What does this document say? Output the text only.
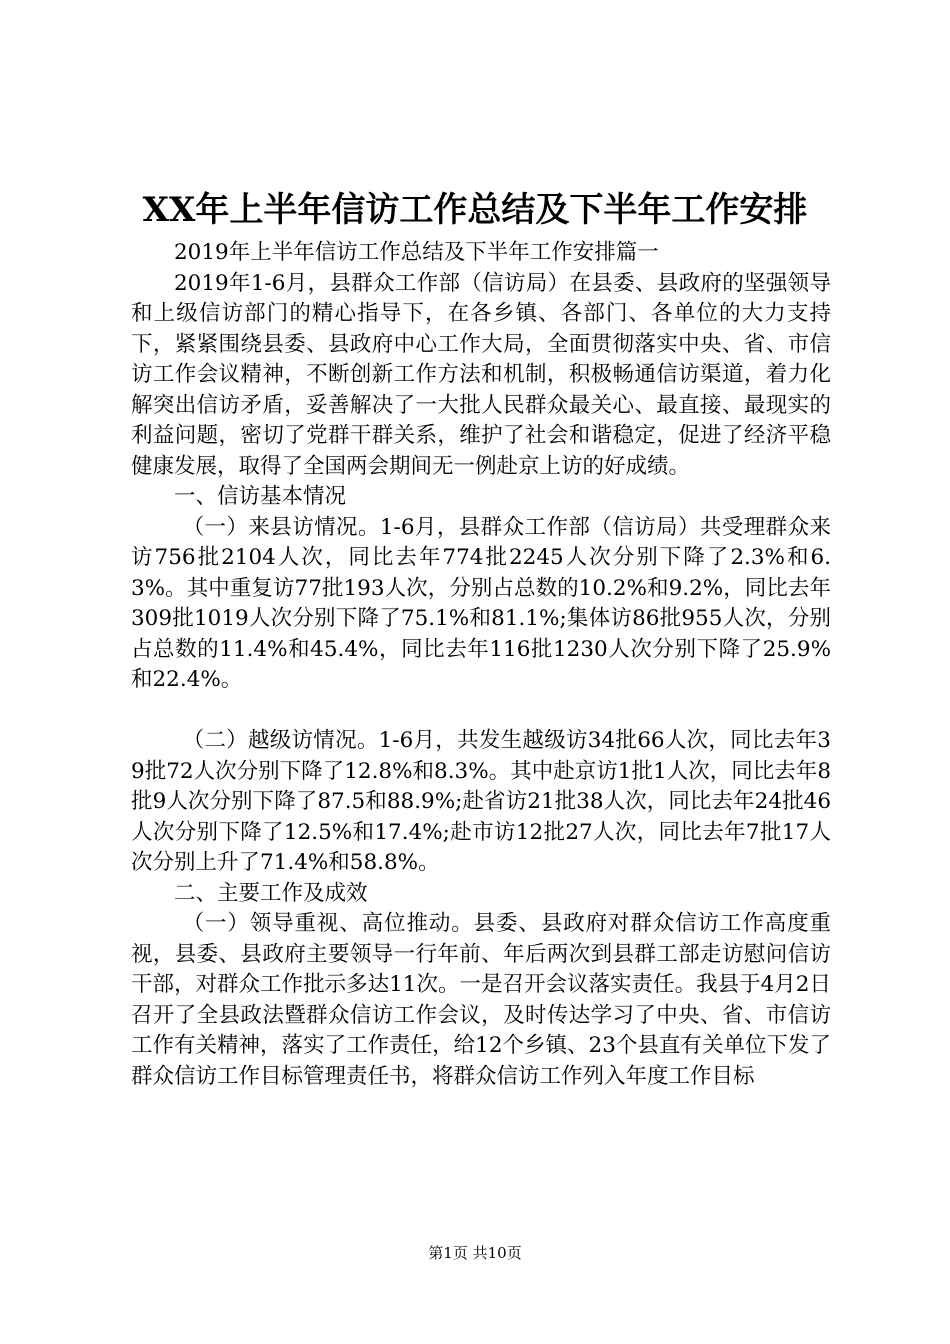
XX年上半年信访工作总结及下半年工作安排

2019年上半年信访工作总结及下半年工作安排篇一

2019年1-6月，县群众工作部（信访局）在县委、县政府的坚强领导和上级信访部门的精心指导下，在各乡镇、各部门、各单位的大力支持下，紧紧围绕县委、县政府中心工作大局，全面贯彻落实中央、省、市信访工作会议精神，不断创新工作方法和机制，积极畅通信访渠道，着力化解突出信访矛盾，妥善解决了一大批人民群众最关心、最直接、最现实的利益问题，密切了党群干群关系，维护了社会和谐稳定，促进了经济平稳健康发展，取得了全国两会期间无一例赴京上访的好成绩。

一、信访基本情况

（一）来县访情况。1-6月，县群众工作部（信访局）共受理群众来访756批2104人次，同比去年774批2245人次分别下降了2.3%和6.3%。其中重复访77批193人次，分别占总数的10.2%和9.2%，同比去年309批1019人次分别下降了75.1%和81.1%;集体访86批955人次，分别占总数的11.4%和45.4%，同比去年116批1230人次分别下降了25.9%和22.4%。

（二）越级访情况。1-6月，共发生越级访34批66人次，同比去年39批72人次分别下降了12.8%和8.3%。其中赴京访1批1人次，同比去年8批9人次分别下降了87.5和88.9%;赴省访21批38人次，同比去年24批46人次分别下降了12.5%和17.4%;赴市访12批27人次，同比去年7批17人次分别上升了71.4%和58.8%。

二、主要工作及成效

（一）领导重视、高位推动。县委、县政府对群众信访工作高度重视，县委、县政府主要领导一行年前、年后两次到县群工部走访慰问信访干部，对群众工作批示多达11次。一是召开会议落实责任。我县于4月2日召开了全县政法暨群众信访工作会议，及时传达学习了中央、省、市信访工作有关精神，落实了工作责任，给12个乡镇、23个县直有关单位下发了群众信访工作目标管理责任书，将群众信访工作列入年度工作目标

第1页 共10页
